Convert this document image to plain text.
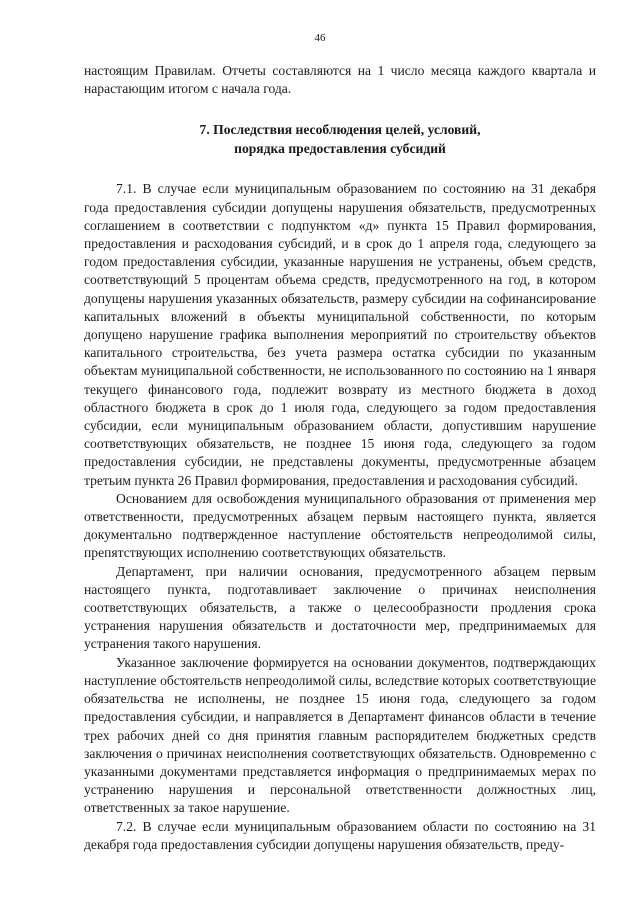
46

настоящим Правилам. Отчеты составляются на 1 число месяца каждого квартала и нарастающим итогом с начала года.

7. Последствия несоблюдения целей, условий,
порядка предоставления субсидий

7.1. В случае если муниципальным образованием по состоянию на 31 декабря года предоставления субсидии допущены нарушения обязательств, предусмотренных соглашением в соответствии с подпунктом «д» пункта 15 Правил формирования, предоставления и расходования субсидий, и в срок до 1 апреля года, следующего за годом предоставления субсидии, указанные нарушения не устранены, объем средств, соответствующий 5 процентам объема средств, предусмотренного на год, в котором допущены нарушения указанных обязательств, размеру субсидии на софинансирование капитальных вложений в объекты муниципальной собственности, по которым допущено нарушение графика выполнения мероприятий по строительству объектов капитального строительства, без учета размера остатка субсидии по указанным объектам муниципальной собственности, не использованного по состоянию на 1 января текущего финансового года, подлежит возврату из местного бюджета в доход областного бюджета в срок до 1 июля года, следующего за годом предоставления субсидии, если муниципальным образованием области, допустившим нарушение соответствующих обязательств, не позднее 15 июня года, следующего за годом предоставления субсидии, не представлены документы, предусмотренные абзацем третьим пункта 26 Правил формирования, предоставления и расходования субсидий.

Основанием для освобождения муниципального образования от применения мер ответственности, предусмотренных абзацем первым настоящего пункта, является документально подтвержденное наступление обстоятельств непреодолимой силы, препятствующих исполнению соответствующих обязательств.

Департамент, при наличии основания, предусмотренного абзацем первым настоящего пункта, подготавливает заключение о причинах неисполнения соответствующих обязательств, а также о целесообразности продления срока устранения нарушения обязательств и достаточности мер, предпринимаемых для устранения такого нарушения.

Указанное заключение формируется на основании документов, подтверждающих наступление обстоятельств непреодолимой силы, вследствие которых соответствующие обязательства не исполнены, не позднее 15 июня года, следующего за годом предоставления субсидии, и направляется в Департамент финансов области в течение трех рабочих дней со дня принятия главным распорядителем бюджетных средств заключения о причинах неисполнения соответствующих обязательств. Одновременно с указанными документами представляется информация о предпринимаемых мерах по устранению нарушения и персональной ответственности должностных лиц, ответственных за такое нарушение.

7.2. В случае если муниципальным образованием области по состоянию на 31 декабря года предоставления субсидии допущены нарушения обязательств, преду-
